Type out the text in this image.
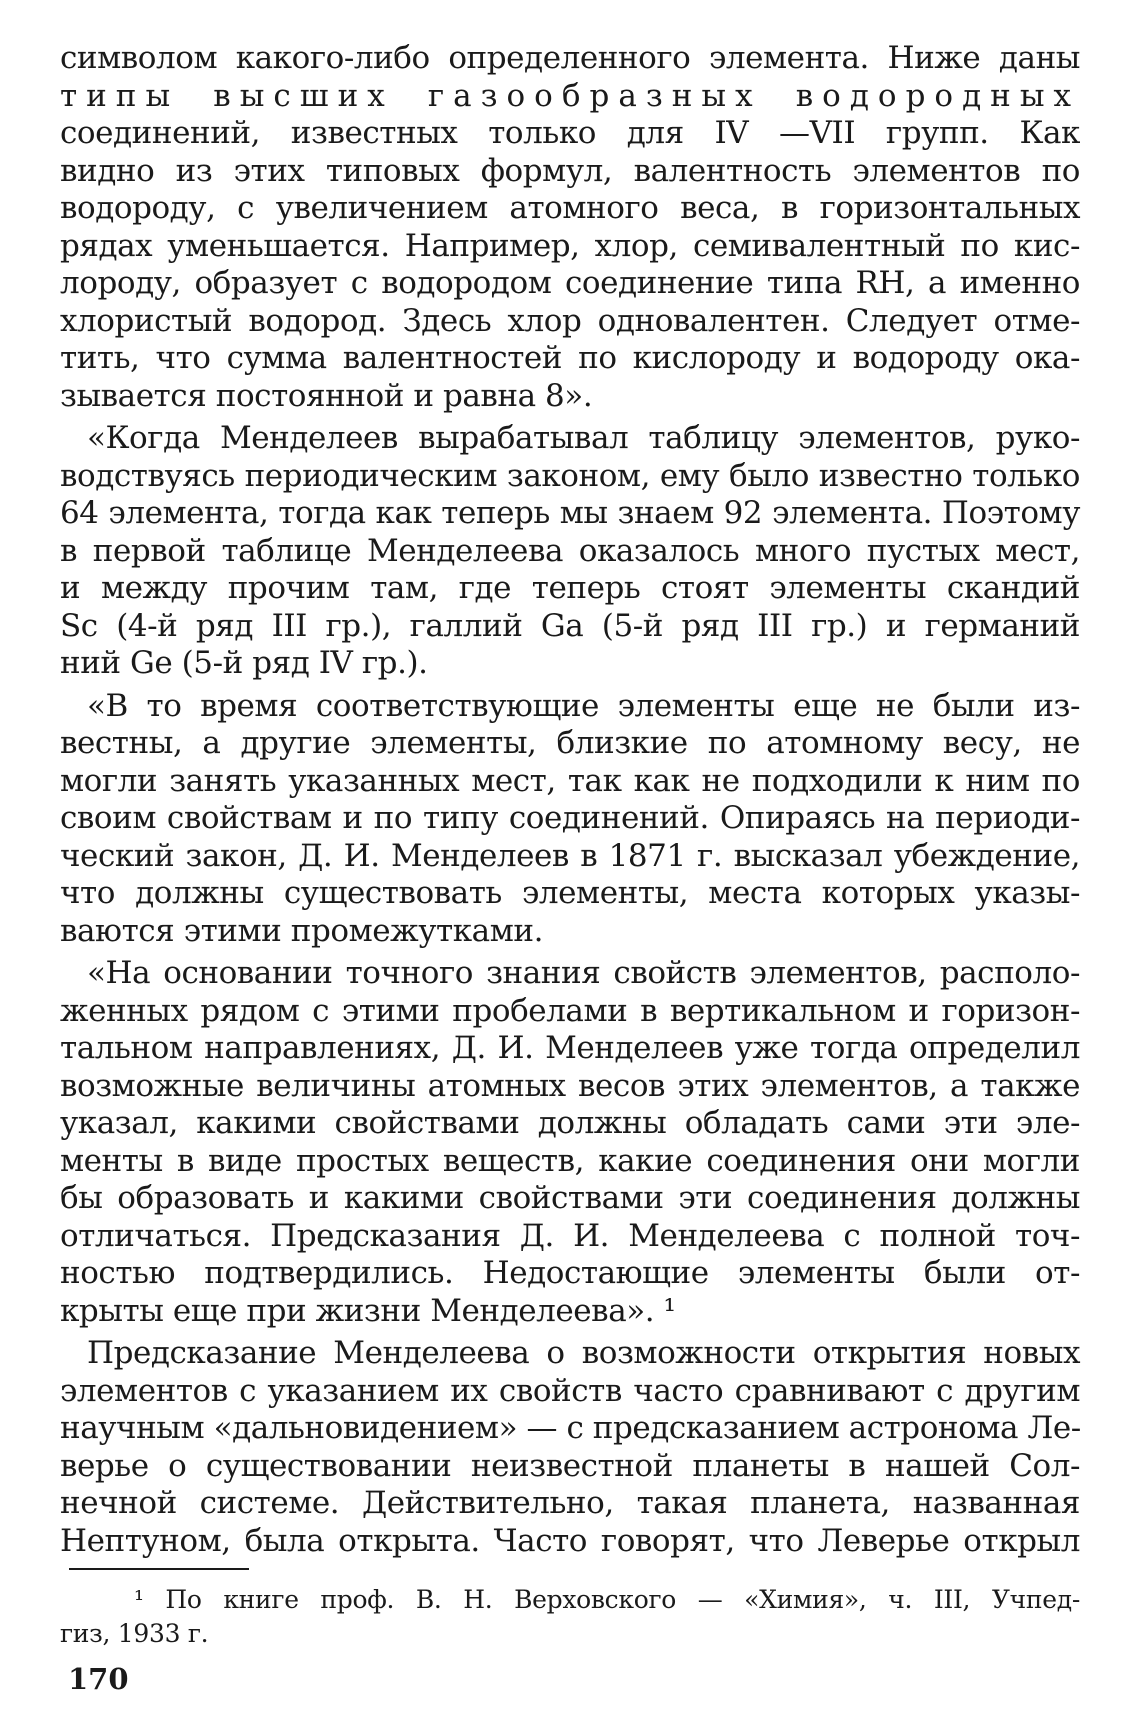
символом какого-либо определенного элемента. Ниже даны
типы высших газообразных водородных
соединений, известных только для IV —VII групп. Как
видно из этих типовых формул, валентность элементов по
водороду, с увеличением атомного веса, в горизонтальных
рядах уменьшается. Например, хлор, семивалентный по кис-
лороду, образует с водородом соединение типа RH, а именно
хлористый водород. Здесь хлор одновалентен. Следует отме-
тить, что сумма валентностей по кислороду и водороду ока-
зывается постоянной и равна 8».
«Когда Менделеев вырабатывал таблицу элементов, руко-
водствуясь периодическим законом, ему было известно только
64 элемента, тогда как теперь мы знаем 92 элемента. Поэтому
в первой таблице Менделеева оказалось много пустых мест,
и между прочим там, где теперь стоят элементы скандий
Sc (4-й ряд III гр.), галлий Ga (5-й ряд III гр.) и германий
ний Ge (5-й ряд IV гр.).
«В то время соответствующие элементы еще не были из-
вестны, а другие элементы, близкие по атомному весу, не
могли занять указанных мест, так как не подходили к ним по
своим свойствам и по типу соединений. Опираясь на периоди-
ческий закон, Д. И. Менделеев в 1871 г. высказал убеждение,
что должны существовать элементы, места которых указы-
ваются этими промежутками.
«На основании точного знания свойств элементов, располо-
женных рядом с этими пробелами в вертикальном и горизон-
тальном направлениях, Д. И. Менделеев уже тогда определил
возможные величины атомных весов этих элементов, а также
указал, какими свойствами должны обладать сами эти эле-
менты в виде простых веществ, какие соединения они могли
бы образовать и какими свойствами эти соединения должны
отличаться. Предсказания Д. И. Менделеева с полной точ-
ностью подтвердились. Недостающие элементы были от-
крыты еще при жизни Менделеева». ¹
Предсказание Менделеева о возможности открытия новых
элементов с указанием их свойств часто сравнивают с другим
научным «дальновидением» — с предсказанием астронома Ле-
верье о существовании неизвестной планеты в нашей Сол-
нечной системе. Действительно, такая планета, названная
Нептуном, была открыта. Часто говорят, что Леверье открыл
¹ По книге проф. В. Н. Верховского — «Химия», ч. III, Учпед-
гиз, 1933 г.
170
